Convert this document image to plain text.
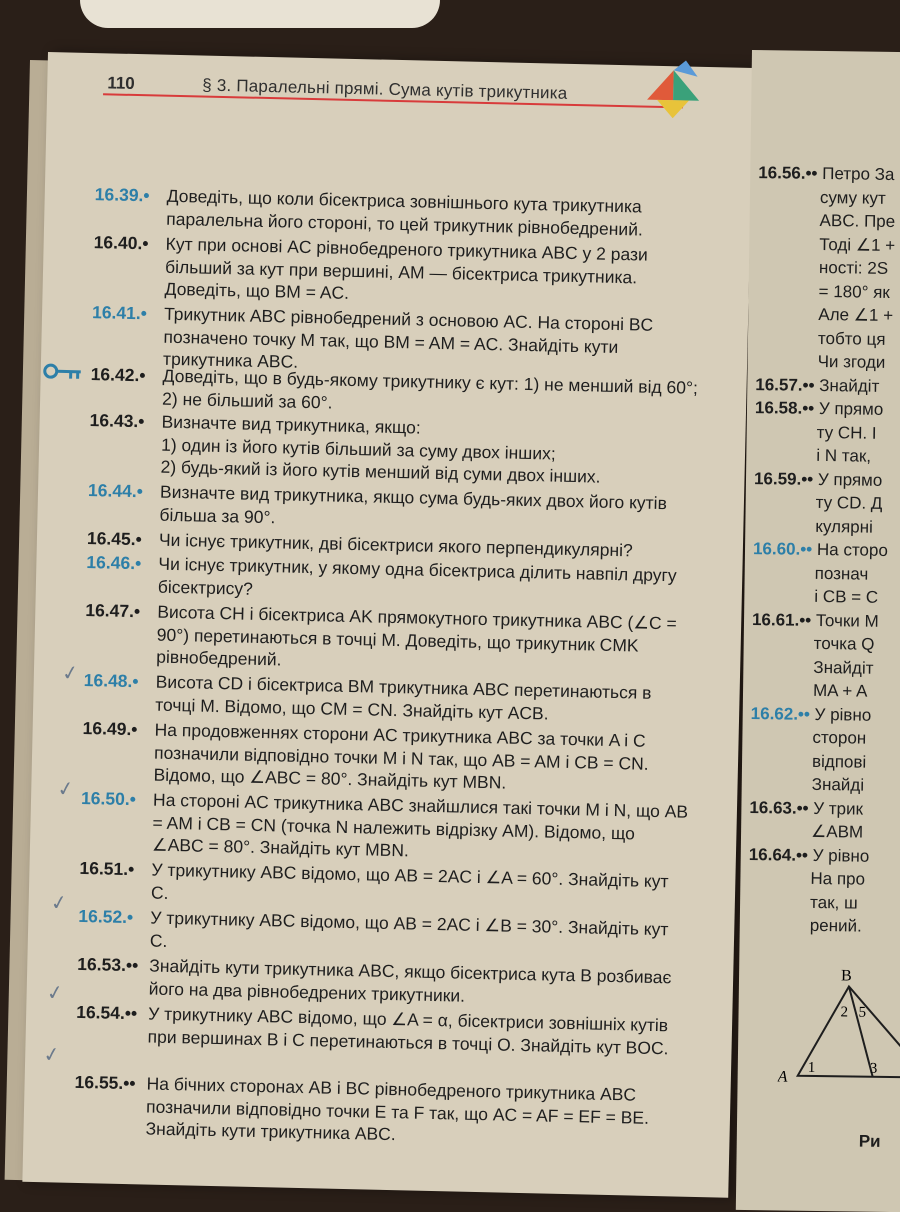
110	§ 3. Паралельні прямі. Сума кутів трикутника
16.39.• Доведіть, що коли бісектриса зовнішнього кута трикутника паралельна його стороні, то цей трикутник рівнобедрений.
16.40.• Кут при основі AC рівнобедреного трикутника ABC у 2 рази більший за кут при вершині, AM — бісектриса трикутника. Доведіть, що BM = AC.
16.41.• Трикутник ABC рівнобедрений з основою AC. На стороні BC позначено точку M так, що BM = AM = AC. Знайдіть кути трикутника ABC.
16.42.• Доведіть, що в будь-якому трикутнику є кут: 1) не менший від 60°; 2) не більший за 60°.
16.43.• Визначте вид трикутника, якщо:
1) один із його кутів більший за суму двох інших;
2) будь-який із його кутів менший від суми двох інших.
16.44.• Визначте вид трикутника, якщо сума будь-яких двох його кутів більша за 90°.
16.45.• Чи існує трикутник, дві бісектриси якого перпендикулярні?
16.46.• Чи існує трикутник, у якому одна бісектриса ділить навпіл другу бісектрису?
16.47.• Висота CH і бісектриса AK прямокутного трикутника ABC (∠C = 90°) перетинаються в точці M. Доведіть, що трикутник CMK рівнобедрений.
16.48.• Висота CD і бісектриса BM трикутника ABC перетинаються в точці M. Відомо, що CM = CN. Знайдіть кут ACB.
16.49.• На продовженнях сторони AC трикутника ABC за точки A і C позначили відповідно точки M і N так, що AB = AM і CB = CN. Відомо, що ∠ABC = 80°. Знайдіть кут MBN.
16.50.• На стороні AC трикутника ABC знайшлися такі точки M і N, що AB = AM і CB = CN (точка N належить відрізку AM). Відомо, що ∠ABC = 80°. Знайдіть кут MBN.
16.51.• У трикутнику ABC відомо, що AB = 2AC і ∠A = 60°. Знайдіть кут C.
16.52.• У трикутнику ABC відомо, що AB = 2AC і ∠B = 30°. Знайдіть кут C.
16.53.•• Знайдіть кути трикутника ABC, якщо бісектриса кута B розбиває його на два рівнобедрених трикутники.
16.54.•• У трикутнику ABC відомо, що ∠A = α, бісектриси зовнішніх кутів при вершинах B і C перетинаються в точці O. Знайдіть кут BOC.
16.55.•• На бічних сторонах AB і BC рівнобедреного трикутника ABC позначили відповідно точки E та F так, що AC = AF = EF = BE. Знайдіть кути трикутника ABC.
✓
✓
✓
✓
✓
16.56.•• Петро За
суму кут
ABC. Пре
Тоді ∠1 +
ності: 2S
= 180° як
Але ∠1 +
тобто ця
Чи згоди
16.57.•• Знайдіт
16.58.•• У прямо
ту CH. І
і N так,
16.59.•• У прямо
ту CD. Д
кулярні
16.60.•• На сторо
познач
і CB = C
16.61.•• Точки М
точка Q
Знайдіт
MA + A
16.62.•• У рівно
сторон
відпові
Знайді
16.63.•• У трик
∠ABM
16.64.•• У рівно
На про
так, ш
рений.
B
A
1
2
3
5
Ри
